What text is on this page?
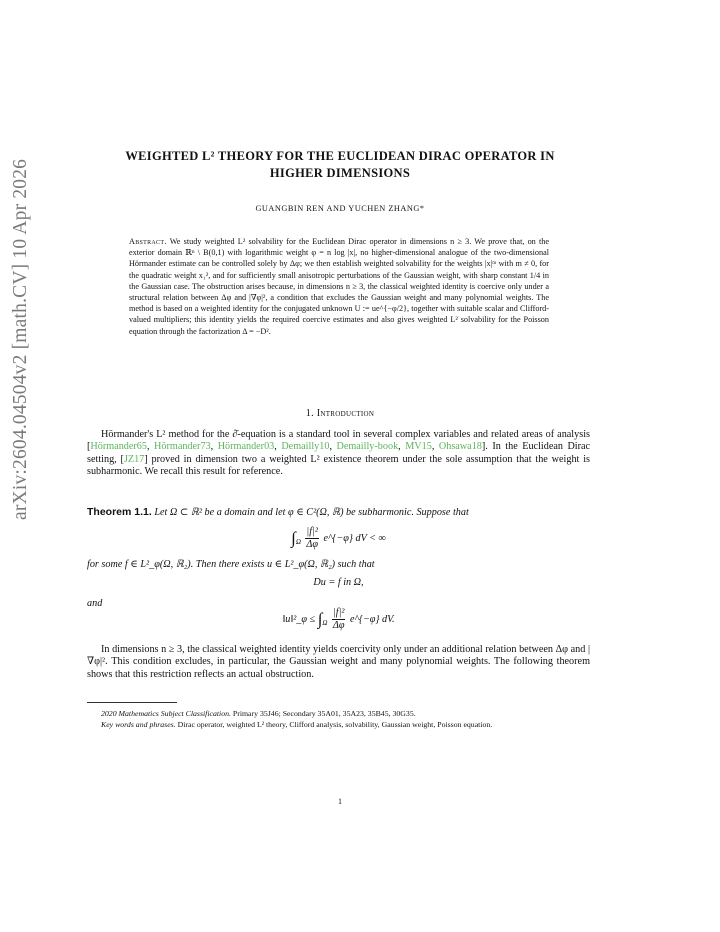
arXiv:2604.04504v2 [math.CV] 10 Apr 2026
WEIGHTED L² THEORY FOR THE EUCLIDEAN DIRAC OPERATOR IN
HIGHER DIMENSIONS
GUANGBIN REN AND YUCHEN ZHANG*
Abstract. We study weighted L² solvability for the Euclidean Dirac operator in dimensions n ≥ 3. We prove that, on the exterior domain ℝⁿ \ B(0,1) with logarithmic weight φ = n log |x|, no higher-dimensional analogue of the two-dimensional Hörmander estimate can be controlled solely by Δφ; we then establish weighted solvability for the weights |x|ᵐ with m ≠ 0, for the quadratic weight x₁², and for sufficiently small anisotropic perturbations of the Gaussian weight, with sharp constant 1/4 in the Gaussian case. The obstruction arises because, in dimensions n ≥ 3, the classical weighted identity is coercive only under a structural relation between Δφ and |∇φ|², a condition that excludes the Gaussian weight and many polynomial weights. The method is based on a weighted identity for the conjugated unknown U := ue^{−φ/2}, together with suitable scalar and Clifford-valued multipliers; this identity yields the required coercive estimates and also gives weighted L² solvability for the Poisson equation through the factorization Δ = −D².
1. Introduction
Hörmander's L² method for the ∂̄-equation is a standard tool in several complex variables and related areas of analysis [Hörmander65, Hörmander73, Hörmander03, Demailly10, Demailly-book, MV15, Ohsawa18]. In the Euclidean Dirac setting, [JZ17] proved in dimension two a weighted L² existence theorem under the sole assumption that the weight is subharmonic. We recall this result for reference.
Theorem 1.1. Let Ω ⊂ ℝ² be a domain and let φ ∈ C²(Ω, ℝ) be subharmonic. Suppose that
$\int_\Omega \frac{\text{|f|²}}{\Delta\varphi}$ e^{−φ} dV < ∞
for some f ∈ L²_φ(Ω, ℝ₂). Then there exists u ∈ L²_φ(Ω, ℝ₂) such that
Du = f in Ω,
and
‖u‖²_φ ≤ $\int_\Omega \frac{\text{|f|²}}{\Delta\varphi}$ e^{−φ} dV.
In dimensions n ≥ 3, the classical weighted identity yields coercivity only under an additional relation between Δφ and |∇φ|². This condition excludes, in particular, the Gaussian weight and many polynomial weights. The following theorem shows that this restriction reflects an actual obstruction.
2020 Mathematics Subject Classification. Primary 35J46; Secondary 35A01, 35A23, 35B45, 30G35.
Key words and phrases. Dirac operator, weighted L² theory, Clifford analysis, solvability, Gaussian weight, Poisson equation.
1
